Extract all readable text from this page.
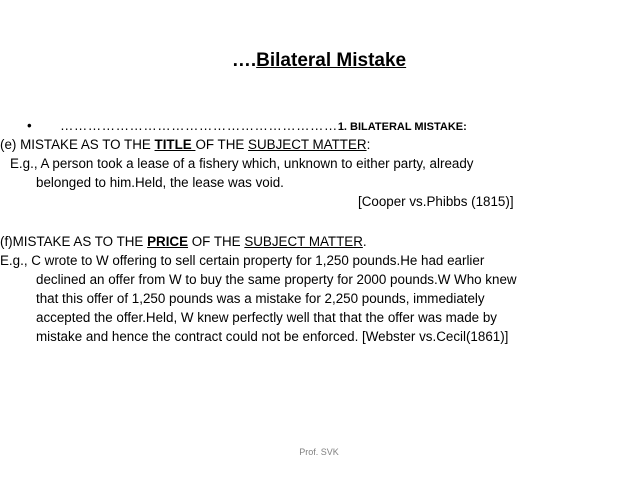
….Bilateral Mistake
• ……………………………………………………1. BILATERAL MISTAKE:
(e) MISTAKE AS TO THE TITLE OF THE SUBJECT MATTER:
E.g., A person took a lease of a fishery which, unknown to either party, already
belonged to him.Held, the lease was void.
[Cooper vs.Phibbs (1815)]
(f)MISTAKE AS TO THE PRICE OF THE SUBJECT MATTER.
E.g., C wrote to W offering to sell certain property for 1,250 pounds.He had earlier
declined an offer from W to buy the same property for 2000 pounds.W Who knew
that this offer of 1,250 pounds was a mistake for 2,250 pounds, immediately
accepted the offer.Held, W knew perfectly well that that the offer was made by
mistake and hence the contract could not be enforced. [Webster vs.Cecil(1861)]
Prof. SVK
